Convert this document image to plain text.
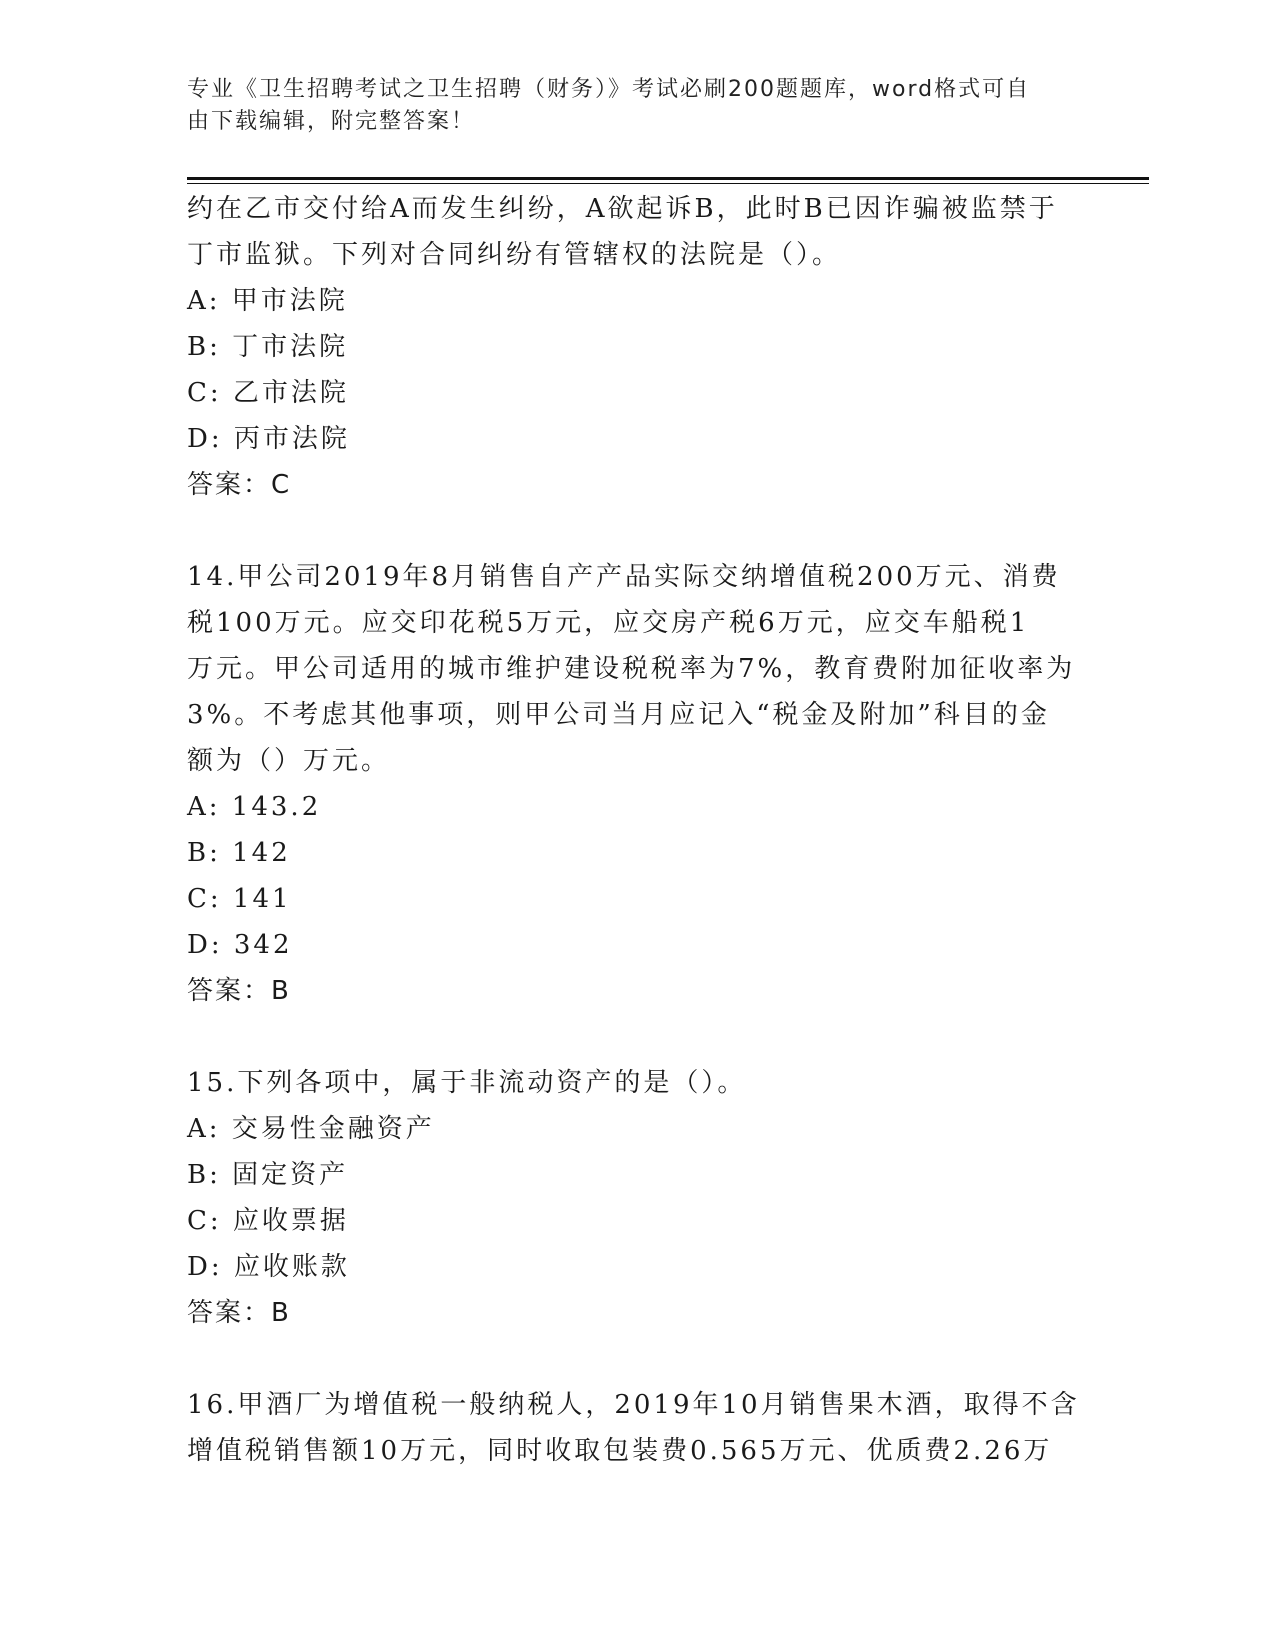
专业《卫生招聘考试之卫生招聘（财务）》考试必刷200题题库，word格式可自
由下载编辑，附完整答案！
约在乙市交付给A而发生纠纷，A欲起诉B，此时B已因诈骗被监禁于
丁市监狱。下列对合同纠纷有管辖权的法院是（）。
A: 甲市法院
B: 丁市法院
C: 乙市法院
D: 丙市法院
答案：C
14.甲公司2019年8月销售自产产品实际交纳增值税200万元、消费
税100万元。应交印花税5万元，应交房产税6万元，应交车船税1
万元。甲公司适用的城市维护建设税税率为7%，教育费附加征收率为
3%。不考虑其他事项，则甲公司当月应记入“税金及附加”科目的金
额为（）万元。
A: 143.2
B: 142
C: 141
D: 342
答案：B
15.下列各项中，属于非流动资产的是（）。
A: 交易性金融资产
B: 固定资产
C: 应收票据
D: 应收账款
答案：B
16.甲酒厂为增值税一般纳税人，2019年10月销售果木酒，取得不含
增值税销售额10万元，同时收取包装费0.565万元、优质费2.26万
